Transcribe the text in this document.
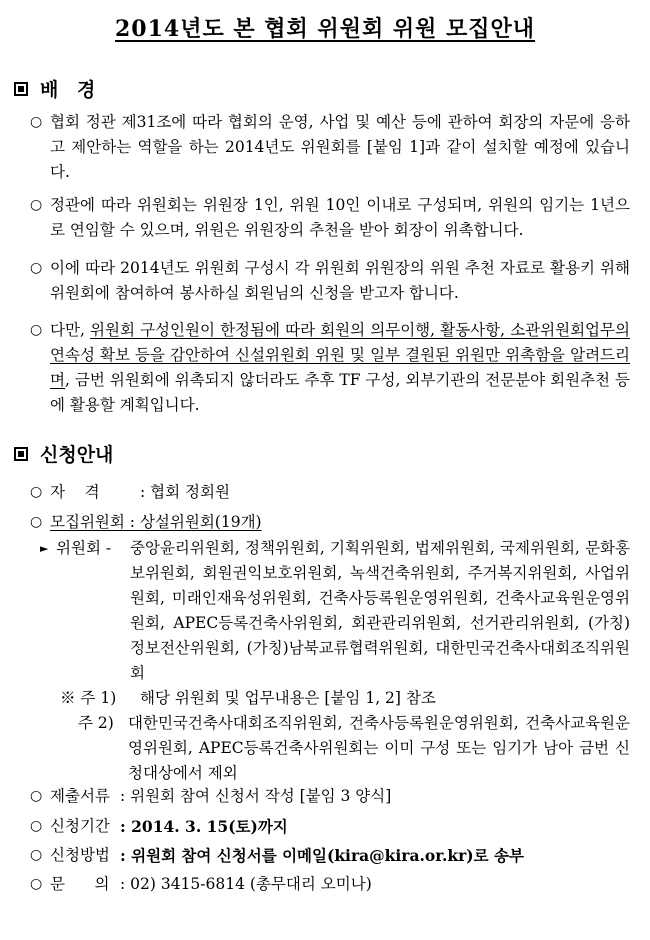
2014년도 본 협회 위원회 위원 모집안내
배 경
○ 협회 정관 제31조에 따라 협회의 운영, 사업 및 예산 등에 관하여 회장의 자문에 응하고 제안하는 역할을 하는 2014년도 위원회를 [붙임 1]과 같이 설치할 예정에 있습니다.
○ 정관에 따라 위원회는 위원장 1인, 위원 10인 이내로 구성되며, 위원의 임기는 1년으로 연임할 수 있으며, 위원은 위원장의 추천을 받아 회장이 위촉합니다.
○ 이에 따라 2014년도 위원회 구성시 각 위원회 위원장의 위원 추천 자료로 활용키 위해 위원회에 참여하여 봉사하실 회원님의 신청을 받고자 합니다.
○ 다만, 위원회 구성인원이 한정됨에 따라 회원의 의무이행, 활동사항, 소관위원회업무의 연속성 확보 등을 감안하여 신설위원회 위원 및 일부 결원된 위원만 위촉함을 알려드리며, 금번 위원회에 위촉되지 않더라도 추후 TF 구성, 외부기관의 전문분야 회원추천 등에 활용할 계획입니다.
신청안내
○ 자    격	: 협회 정회원
○ 모집위원회 : 상설위원회(19개)
► 위원회 -	중앙윤리위원회, 정책위원회, 기획위원회, 법제위원회, 국제위원회, 문화홍보위원회, 회원권익보호위원회, 녹색건축위원회, 주거복지위원회, 사업위원회, 미래인재육성위원회, 건축사등록원운영위원회, 건축사교육원운영위원회, APEC등록건축사위원회, 회관관리위원회, 선거관리위원회, (가칭)정보전산위원회, (가칭)남북교류협력위원회, 대한민국건축사대회조직위원회
※ 주 1)	해당 위원회 및 업무내용은 [붙임 1, 2] 참조
주 2) 대한민국건축사대회조직위원회, 건축사등록원운영위원회, 건축사교육원운영위원회, APEC등록건축사위원회는 이미 구성 또는 임기가 남아 금번 신청대상에서 제외
○ 제출서류 : 위원회 참여 신청서 작성 [붙임 3 양식]
○ 신청기간 : 2014. 3. 15(토)까지
○ 신청방법 : 위원회 참여 신청서를 이메일(kira@kira.or.kr)로 송부
○ 문      의 : 02) 3415-6814 (총무대리 오미나)
